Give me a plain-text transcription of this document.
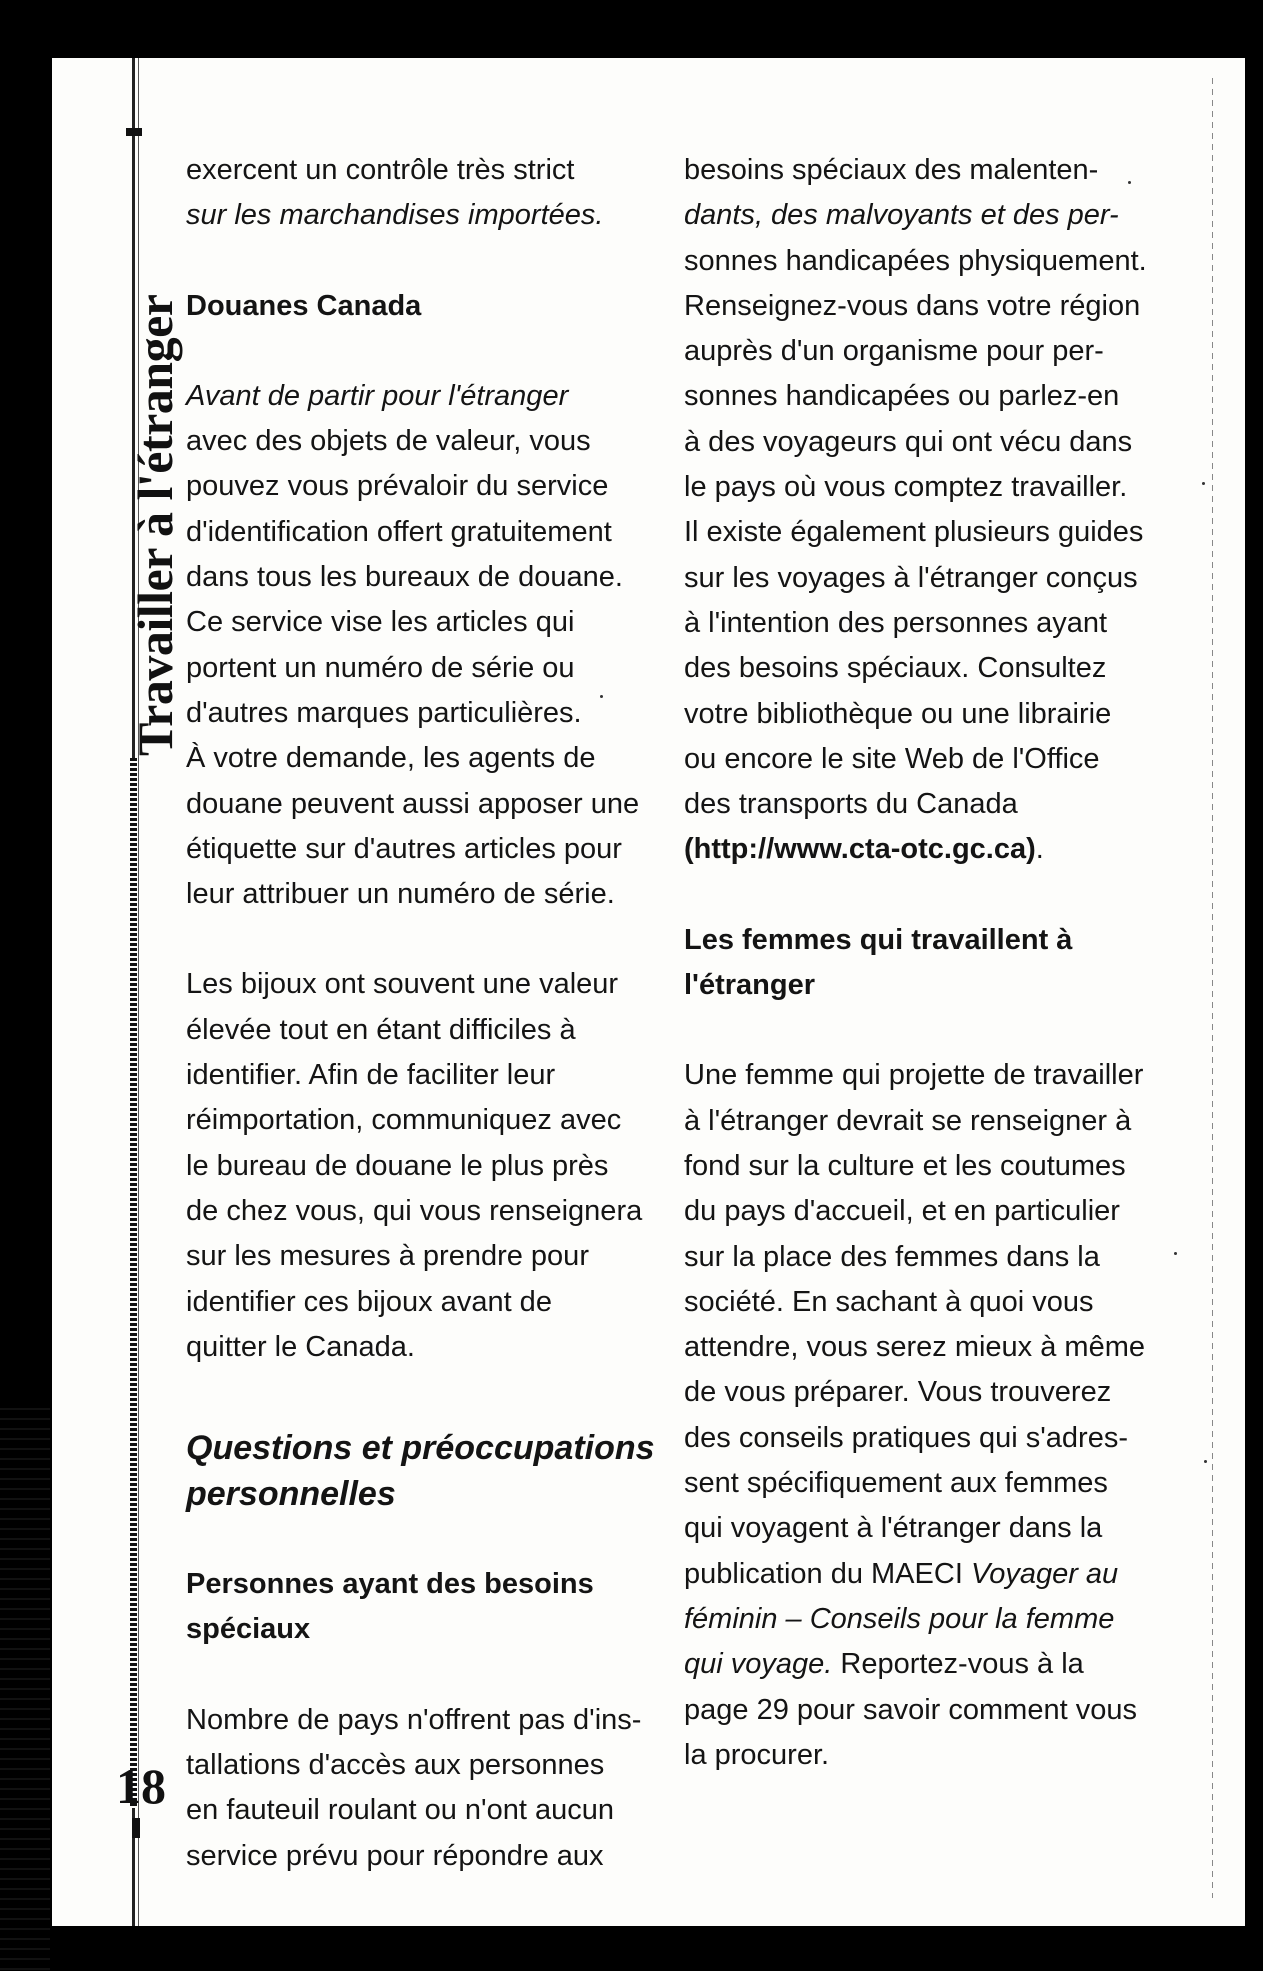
Travailler à l'étranger
18

exercent un contrôle très strict
sur les marchandises importées.

Douanes Canada

Avant de partir pour l'étranger
avec des objets de valeur, vous
pouvez vous prévaloir du service
d'identification offert gratuitement
dans tous les bureaux de douane.
Ce service vise les articles qui
portent un numéro de série ou
d'autres marques particulières.
À votre demande, les agents de
douane peuvent aussi apposer une
étiquette sur d'autres articles pour
leur attribuer un numéro de série.

Les bijoux ont souvent une valeur
élevée tout en étant difficiles à
identifier. Afin de faciliter leur
réimportation, communiquez avec
le bureau de douane le plus près
de chez vous, qui vous renseignera
sur les mesures à prendre pour
identifier ces bijoux avant de
quitter le Canada.

Questions et préoccupations
personnelles
Personnes ayant des besoins
spéciaux

Nombre de pays n'offrent pas d'ins-
tallations d'accès aux personnes
en fauteuil roulant ou n'ont aucun
service prévu pour répondre aux

besoins spéciaux des malenten-
dants, des malvoyants et des per-
sonnes handicapées physiquement.
Renseignez-vous dans votre région
auprès d'un organisme pour per-
sonnes handicapées ou parlez-en
à des voyageurs qui ont vécu dans
le pays où vous comptez travailler.
Il existe également plusieurs guides
sur les voyages à l'étranger conçus
à l'intention des personnes ayant
des besoins spéciaux. Consultez
votre bibliothèque ou une librairie
ou encore le site Web de l'Office
des transports du Canada
(http://www.cta-otc.gc.ca).

Les femmes qui travaillent à
l'étranger

Une femme qui projette de travailler
à l'étranger devrait se renseigner à
fond sur la culture et les coutumes
du pays d'accueil, et en particulier
sur la place des femmes dans la
société. En sachant à quoi vous
attendre, vous serez mieux à même
de vous préparer. Vous trouverez
des conseils pratiques qui s'adres-
sent spécifiquement aux femmes
qui voyagent à l'étranger dans la
publication du MAECI Voyager au
féminin – Conseils pour la femme
qui voyage. Reportez-vous à la
page 29 pour savoir comment vous
la procurer.
